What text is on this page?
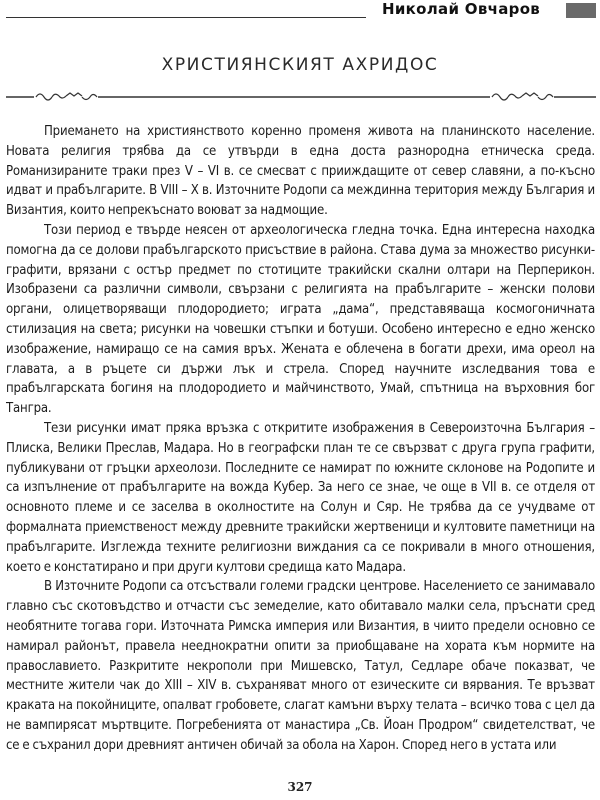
Николай Овчаров
ХРИСТИЯНСКИЯТ АХРИДОС

Приемането на християнството коренно променя живота на планинското население. Новата религия трябва да се утвърди в една доста разнородна етническа среда. Романизираните траки през V – VI в. се смесват с прииждащите от север славяни, а по-късно идват и прабългарите. В VIII – X в. Източните Родопи са междинна територия между България и Византия, които непрекъснато воюват за надмощие.

Този период е твърде неясен от археологическа гледна точка. Една интересна находка помогна да се долови прабългарското присъствие в района. Става дума за множество рисунки-графити, врязани с остър предмет по стотиците тракийски скални олтари на Перперикон. Изобразени са различни символи, свързани с религията на прабългарите – женски полови органи, олицетворяващи плодородието; играта „дама“, представяваща космогоничната стилизация на света; рисунки на човешки стъпки и ботуши. Особено интересно е едно женско изображение, намиращо се на самия връх. Жената е облечена в богати дрехи, има ореол на главата, а в ръцете си държи лък и стрела. Според научните изследвания това е прабългарската богиня на плодородието и майчинството, Умай, спътница на върховния бог Тангра.

Тези рисунки имат пряка връзка с откритите изображения в Североизточна България – Плиска, Велики Преслав, Мадара. Но в географски план те се свързват с друга група графити, публикувани от гръцки археолози. Последните се намират по южните склонове на Родопите и са изпълнение от прабългарите на вожда Кубер. За него се знае, че още в VII в. се отделя от основното племе и се заселва в околностите на Солун и Сяр. Не трябва да се учудваме от формалната приемственост между древните тракийски жертвеници и култовите паметници на прабългарите. Изглежда техните религиозни виждания са се покривали в много отношения, което е констатирано и при други култови средища като Мадара.

В Източните Родопи са отсъствали големи градски центрове. Населението се занимавало главно със скотовъдство и отчасти със земеделие, като обитавало малки села, пръснати сред необятните тогава гори. Източната Римска империя или Византия, в чиито предели основно се намирал районът, правела нееднократни опити за приобщаване на хората към нормите на православието. Разкритите некрополи при Мишевско, Татул, Седларе обаче показват, че местните жители чак до XIII – XIV в. съхраняват много от езическите си вярвания. Те връзват краката на покойниците, опалват гробовете, слагат камъни върху телата – всичко това с цел да не вампирясат мъртвците. Погребенията от манастира „Св. Йоан Продром“ свидетелстват, че се е съхранил дори древният античен обичай за обола на Харон. Според него в устата или

327
